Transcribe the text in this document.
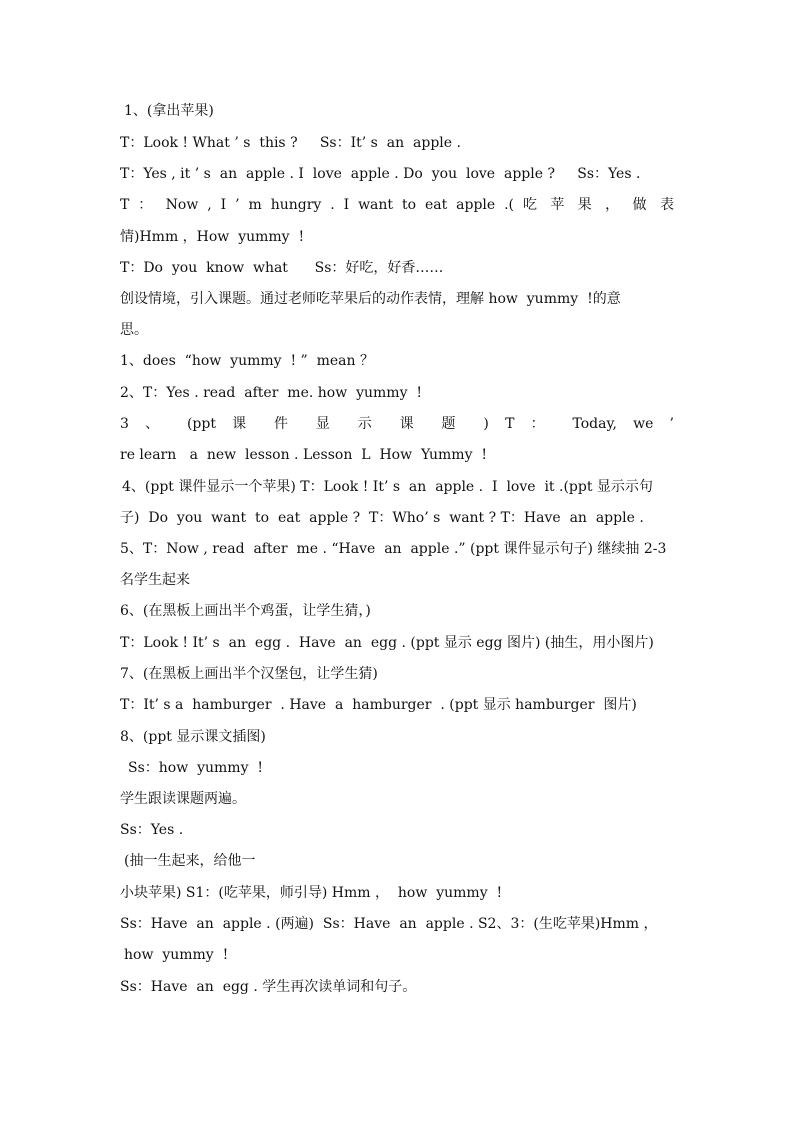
1、(拿出苹果)
T：Look ! What ’ s  this ?     Ss：It’ s  an  apple .
T：Yes , it ’ s  an  apple . I  love  apple . Do  you  love  apple ?     Ss：Yes .
T ： Now , I ’ m hungry . I want to eat apple .( 吃 苹 果 ， 做 表
情)Hmm ，How  yummy  !
T：Do  you  know  what      Ss：好吃，好香……
创设情境，引入课题。通过老师吃苹果后的动作表情，理解 how  yummy  !的意
思。
1、does  “how  yummy  ! ”  mean ？
2、T：Yes . read  after  me. how  yummy  !
3 、 (ppt 课 件 显 示 课 题 ) T ： Today, we ’
re learn   a  new  lesson . Lesson  L  How  Yummy  !
4、(ppt 课件显示一个苹果) T：Look ! It’ s  an  apple .  I  love  it .(ppt 显示示句
子)  Do  you  want  to  eat  apple ?  T：Who’ s  want ? T：Have  an  apple .
5、T：Now , read  after  me . “Have  an  apple .” (ppt 课件显示句子) 继续抽 2-3
名学生起来
6、(在黑板上画出半个鸡蛋，让学生猜，)
T：Look ! It’ s  an  egg .  Have  an  egg . (ppt 显示 egg 图片) (抽生，用小图片)
7、(在黑板上画出半个汉堡包，让学生猜)
T：It’ s a  hamburger  . Have  a  hamburger  . (ppt 显示 hamburger  图片)
8、(ppt 显示课文插图)
Ss：how  yummy  !
学生跟读课题两遍。
Ss：Yes .
(抽一生起来，给他一
小块苹果) S1：(吃苹果，师引导) Hmm ，  how  yummy  !
Ss：Have  an  apple . (两遍)  Ss：Have  an  apple . S2、3：(生吃苹果)Hmm ，
how  yummy  !
Ss：Have  an  egg . 学生再次读单词和句子。
